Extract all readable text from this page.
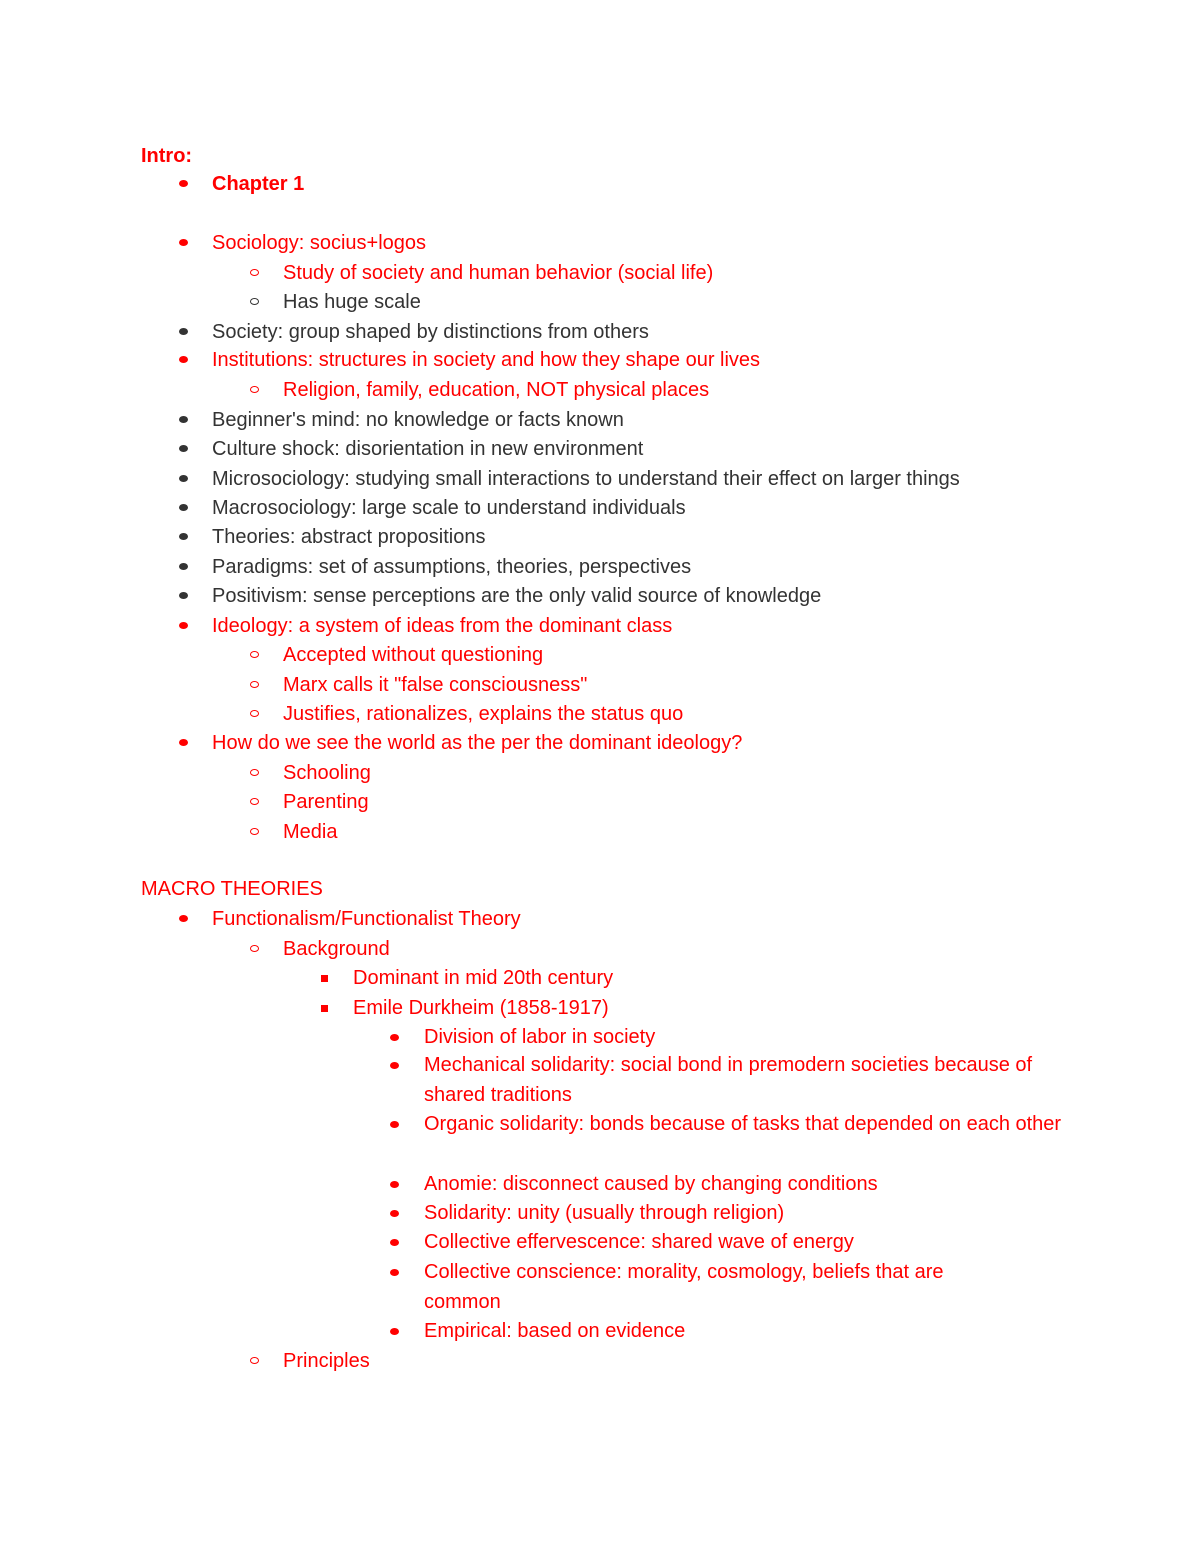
Intro:
Chapter 1
Sociology: socius+logos
Study of society and human behavior (social life)
Has huge scale
Society: group shaped by distinctions from others
Institutions: structures in society and how they shape our lives
Religion, family, education, NOT physical places
Beginner's mind: no knowledge or facts known
Culture shock: disorientation in new environment
Microsociology: studying small interactions to understand their effect on larger things
Macrosociology: large scale to understand individuals
Theories: abstract propositions
Paradigms: set of assumptions, theories, perspectives
Positivism: sense perceptions are the only valid source of knowledge
Ideology: a system of ideas from the dominant class
Accepted without questioning
Marx calls it "false consciousness"
Justifies, rationalizes, explains the status quo
How do we see the world as the per the dominant ideology?
Schooling
Parenting
Media
MACRO THEORIES
Functionalism/Functionalist Theory
Background
Dominant in mid 20th century
Emile Durkheim (1858-1917)
Division of labor in society
Mechanical solidarity: social bond in premodern societies because of shared traditions
Organic solidarity: bonds because of tasks that depended on each other
Anomie: disconnect caused by changing conditions
Solidarity: unity (usually through religion)
Collective effervescence: shared wave of energy
Collective conscience: morality, cosmology, beliefs that are common
Empirical: based on evidence
Principles
